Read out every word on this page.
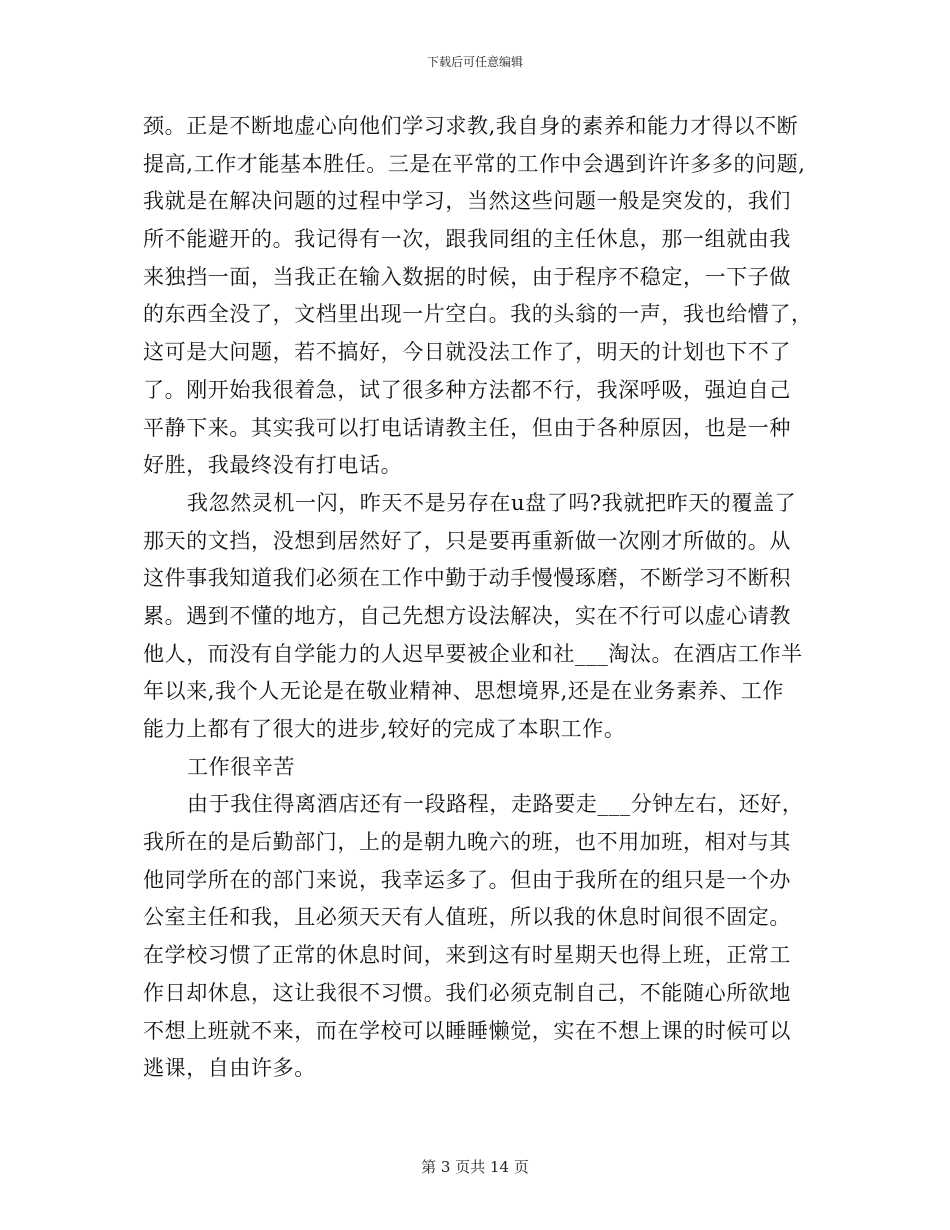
下载后可任意编辑
颈。正是不断地虚心向他们学习求教,我自身的素养和能力才得以不断
提高,工作才能基本胜任。三是在平常的工作中会遇到许许多多的问题,
我就是在解决问题的过程中学习，当然这些问题一般是突发的，我们
所不能避开的。我记得有一次，跟我同组的主任休息，那一组就由我
来独挡一面，当我正在输入数据的时候，由于程序不稳定，一下子做
的东西全没了，文档里出现一片空白。我的头翁的一声，我也给懵了，
这可是大问题，若不搞好，今日就没法工作了，明天的计划也下不了
了。刚开始我很着急，试了很多种方法都不行，我深呼吸，强迫自己
平静下来。其实我可以打电话请教主任，但由于各种原因，也是一种
好胜，我最终没有打电话。
我忽然灵机一闪，昨天不是另存在u盘了吗?我就把昨天的覆盖了
那天的文挡，没想到居然好了，只是要再重新做一次刚才所做的。从
这件事我知道我们必须在工作中勤于动手慢慢琢磨，不断学习不断积
累。遇到不懂的地方，自己先想方设法解决，实在不行可以虚心请教
他人，而没有自学能力的人迟早要被企业和社___淘汰。在酒店工作半
年以来,我个人无论是在敬业精神、思想境界,还是在业务素养、工作
能力上都有了很大的进步,较好的完成了本职工作。
工作很辛苦
由于我住得离酒店还有一段路程，走路要走___分钟左右，还好，
我所在的是后勤部门，上的是朝九晚六的班，也不用加班，相对与其
他同学所在的部门来说，我幸运多了。但由于我所在的组只是一个办
公室主任和我，且必须天天有人值班，所以我的休息时间很不固定。
在学校习惯了正常的休息时间，来到这有时星期天也得上班，正常工
作日却休息，这让我很不习惯。我们必须克制自己，不能随心所欲地
不想上班就不来，而在学校可以睡睡懒觉，实在不想上课的时候可以
逃课，自由许多。
第 3 页共 14 页
